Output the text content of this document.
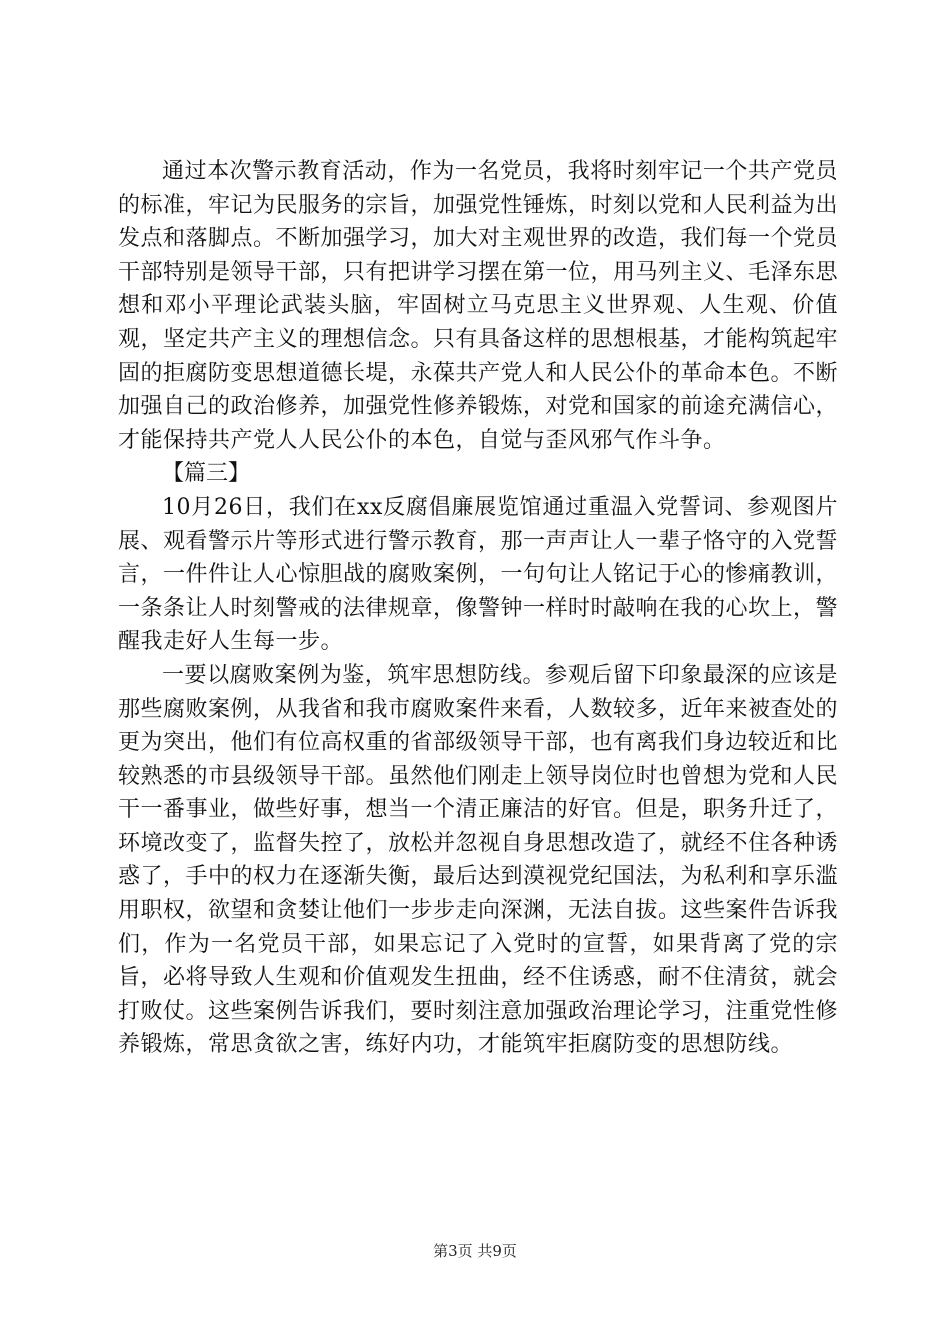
通过本次警示教育活动，作为一名党员，我将时刻牢记一个共产党员的标准，牢记为民服务的宗旨，加强党性锤炼，时刻以党和人民利益为出发点和落脚点。不断加强学习，加大对主观世界的改造，我们每一个党员干部特别是领导干部，只有把讲学习摆在第一位，用马列主义、毛泽东思想和邓小平理论武装头脑，牢固树立马克思主义世界观、人生观、价值观，坚定共产主义的理想信念。只有具备这样的思想根基，才能构筑起牢固的拒腐防变思想道德长堤，永葆共产党人和人民公仆的革命本色。不断加强自己的政治修养，加强党性修养锻炼，对党和国家的前途充满信心，才能保持共产党人人民公仆的本色，自觉与歪风邪气作斗争。

【篇三】

10月26日，我们在xx反腐倡廉展览馆通过重温入党誓词、参观图片展、观看警示片等形式进行警示教育，那一声声让人一辈子恪守的入党誓言，一件件让人心惊胆战的腐败案例，一句句让人铭记于心的惨痛教训，一条条让人时刻警戒的法律规章，像警钟一样时时敲响在我的心坎上，警醒我走好人生每一步。

一要以腐败案例为鉴，筑牢思想防线。参观后留下印象最深的应该是那些腐败案例，从我省和我市腐败案件来看，人数较多，近年来被查处的更为突出，他们有位高权重的省部级领导干部，也有离我们身边较近和比较熟悉的市县级领导干部。虽然他们刚走上领导岗位时也曾想为党和人民干一番事业，做些好事，想当一个清正廉洁的好官。但是，职务升迁了，环境改变了，监督失控了，放松并忽视自身思想改造了，就经不住各种诱惑了，手中的权力在逐渐失衡，最后达到漠视党纪国法，为私利和享乐滥用职权，欲望和贪婪让他们一步步走向深渊，无法自拔。这些案件告诉我们，作为一名党员干部，如果忘记了入党时的宣誓，如果背离了党的宗旨，必将导致人生观和价值观发生扭曲，经不住诱惑，耐不住清贫，就会打败仗。这些案例告诉我们，要时刻注意加强政治理论学习，注重党性修养锻炼，常思贪欲之害，练好内功，才能筑牢拒腐防变的思想防线。

第3页 共9页
